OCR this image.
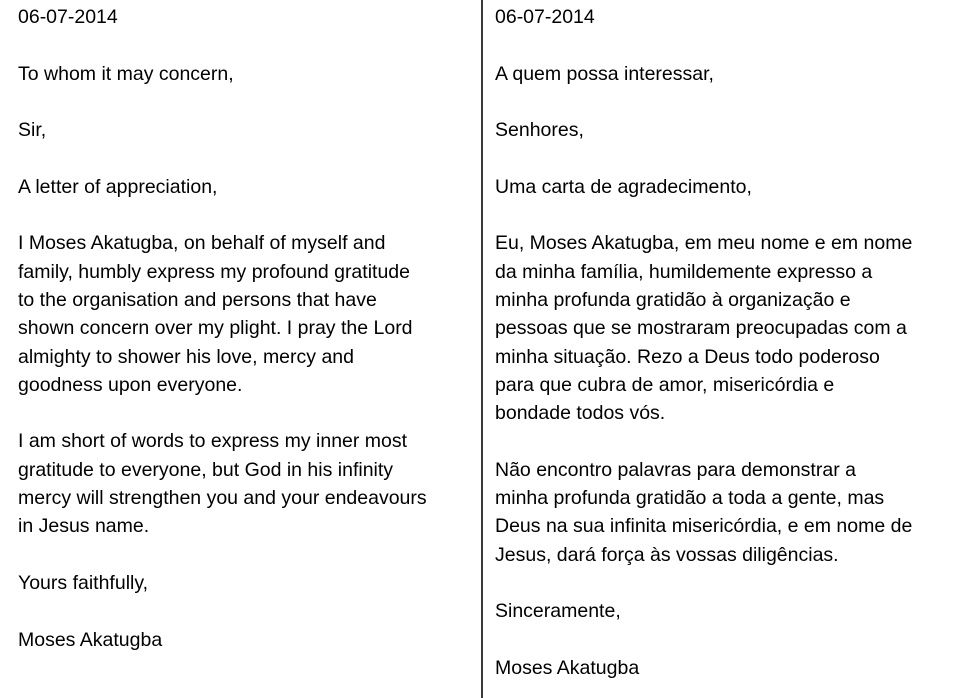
06-07-2014

To whom it may concern,

Sir,

A letter of appreciation,

I Moses Akatugba, on behalf of myself and

family, humbly express my profound gratitude

to the organisation and persons that have

shown concern over my plight. I pray the Lord

almighty to shower his love, mercy and

goodness upon everyone.

I am short of words to express my inner most

gratitude to everyone, but God in his infinity

mercy will strengthen you and your endeavours

in Jesus name.

Yours faithfully,

Moses Akatugba

06-07-2014

A quem possa interessar,

Senhores,

Uma carta de agradecimento,

Eu, Moses Akatugba, em meu nome e em nome

da minha família, humildemente expresso a

minha profunda gratidão à organização e

pessoas que se mostraram preocupadas com a

minha situação. Rezo a Deus todo poderoso

para que cubra de amor, misericórdia e

bondade todos vós.

Não encontro palavras para demonstrar a

minha profunda gratidão a toda a gente, mas

Deus na sua infinita misericórdia, e em nome de

Jesus, dará força às vossas diligências.

Sinceramente,

Moses Akatugba
